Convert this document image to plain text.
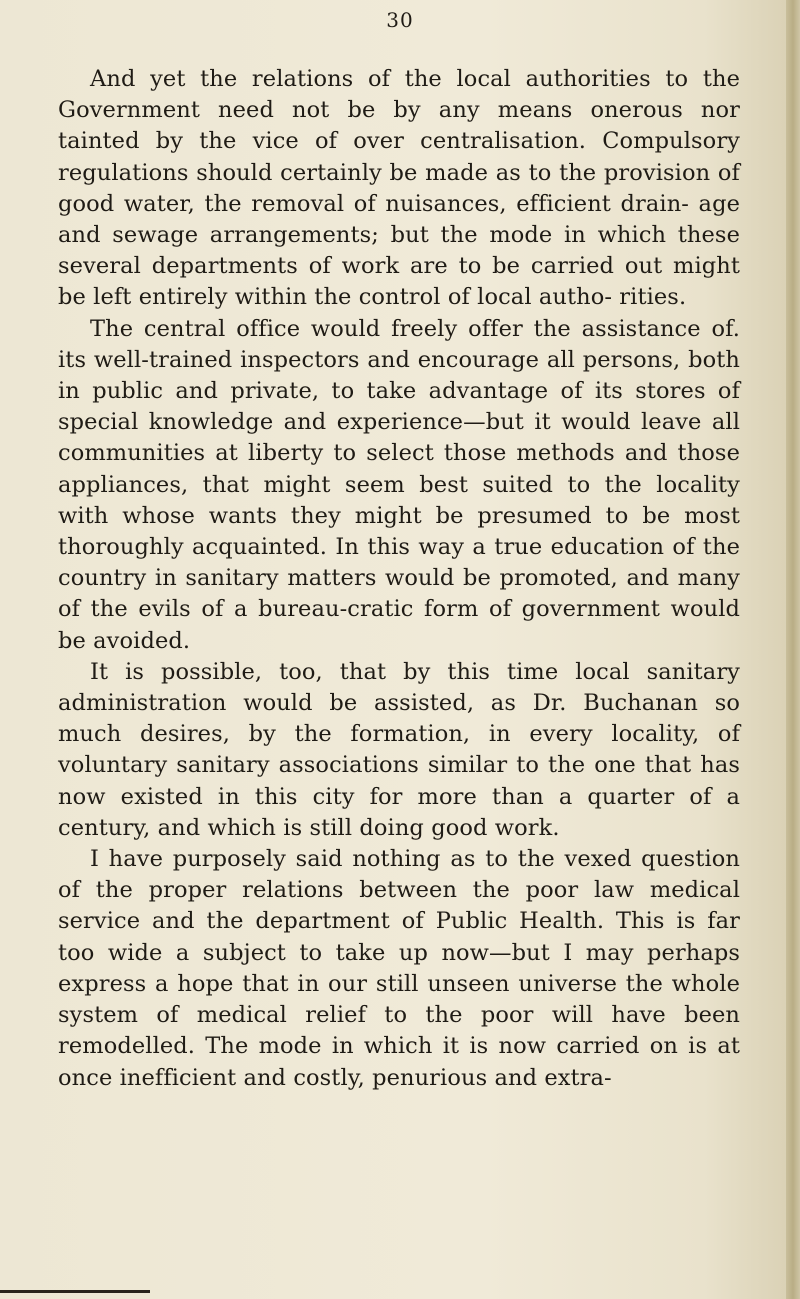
30

And yet the relations of the local authorities to the Government need not be by any means onerous nor tainted by the vice of over centralisation. Compulsory regulations should certainly be made as to the provision of good water, the removal of nuisances, efficient drain- age and sewage arrangements; but the mode in which these several departments of work are to be carried out might be left entirely within the control of local autho- rities.

The central office would freely offer the assistance of. its well-trained inspectors and encourage all persons, both in public and private, to take advantage of its stores of special knowledge and experience—but it would leave all communities at liberty to select those methods and those appliances, that might seem best suited to the locality with whose wants they might be presumed to be most thoroughly acquainted. In this way a true education of the country in sanitary matters would be promoted, and many of the evils of a bureau-cratic form of government would be avoided.

It is possible, too, that by this time local sanitary administration would be assisted, as Dr. Buchanan so much desires, by the formation, in every locality, of voluntary sanitary associations similar to the one that has now existed in this city for more than a quarter of a century, and which is still doing good work.

I have purposely said nothing as to the vexed question of the proper relations between the poor law medical service and the department of Public Health. This is far too wide a subject to take up now—but I may perhaps express a hope that in our still unseen universe the whole system of medical relief to the poor will have been remodelled. The mode in which it is now carried on is at once inefficient and costly, penurious and extra-
